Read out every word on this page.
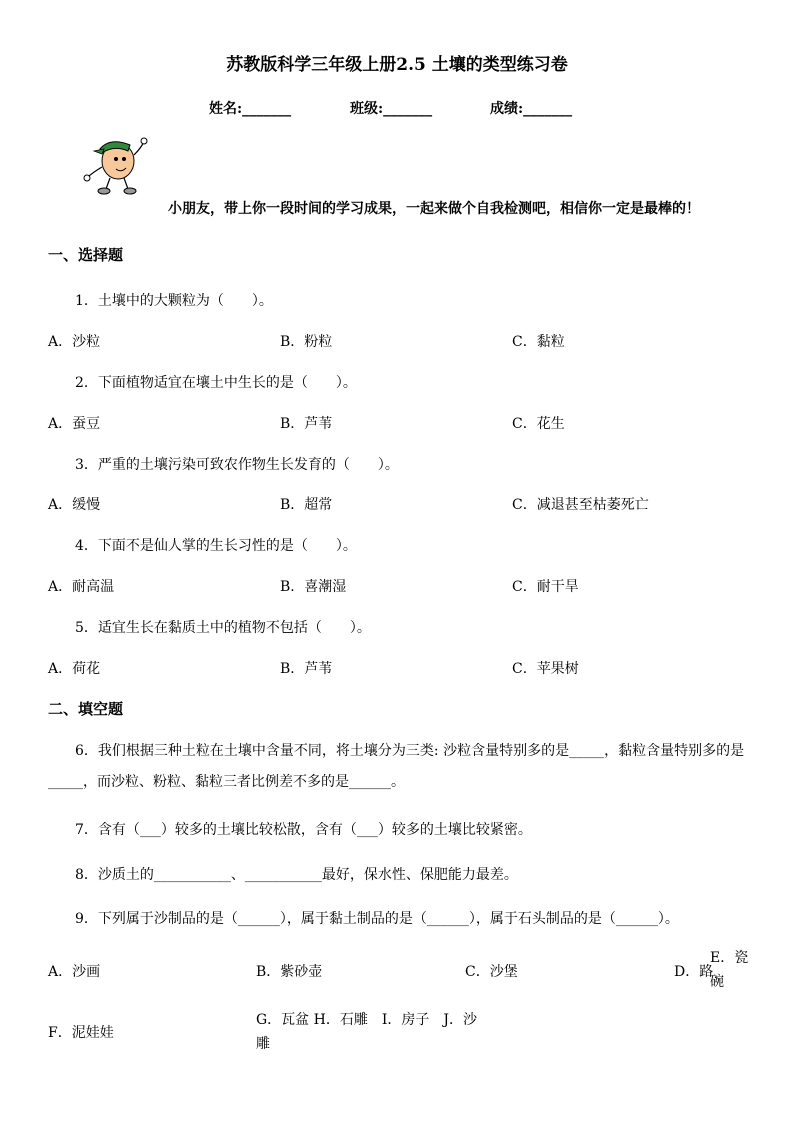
苏教版科学三年级上册2.5 土壤的类型练习卷
姓名:_______	班级:_______	成绩:_______
小朋友，带上你一段时间的学习成果，一起来做个自我检测吧，相信你一定是最棒的！
一、选择题
1．土壤中的大颗粒为（　　）。
A．沙粒	B．粉粒	C．黏粒
2．下面植物适宜在壤土中生长的是（　　）。
A．蚕豆	B．芦苇	C．花生
3．严重的土壤污染可致农作物生长发育的（　　）。
A．缓慢	B．超常	C．减退甚至枯萎死亡
4．下面不是仙人掌的生长习性的是（　　）。
A．耐高温	B．喜潮湿	C．耐干旱
5．适宜生长在黏质土中的植物不包括（　　）。
A．荷花	B．芦苇	C．苹果树
二、填空题
6．我们根据三种土粒在土壤中含量不同，将土壤分为三类: 沙粒含量特别多的是_____，黏粒含量特别多的是_____，而沙粒、粉粒、黏粒三者比例差不多的是______。
7．含有（___）较多的土壤比较松散，含有（___）较多的土壤比较紧密。
8．沙质土的___________、___________最好，保水性、保肥能力最差。
9．下列属于沙制品的是（______），属于黏土制品的是（______），属于石头制品的是（______）。
A．沙画	B．紫砂壶	C．沙堡	D．路
E．瓷
碗
F．泥娃娃
G．瓦盆 H．石雕　I．房子　J．沙
雕
